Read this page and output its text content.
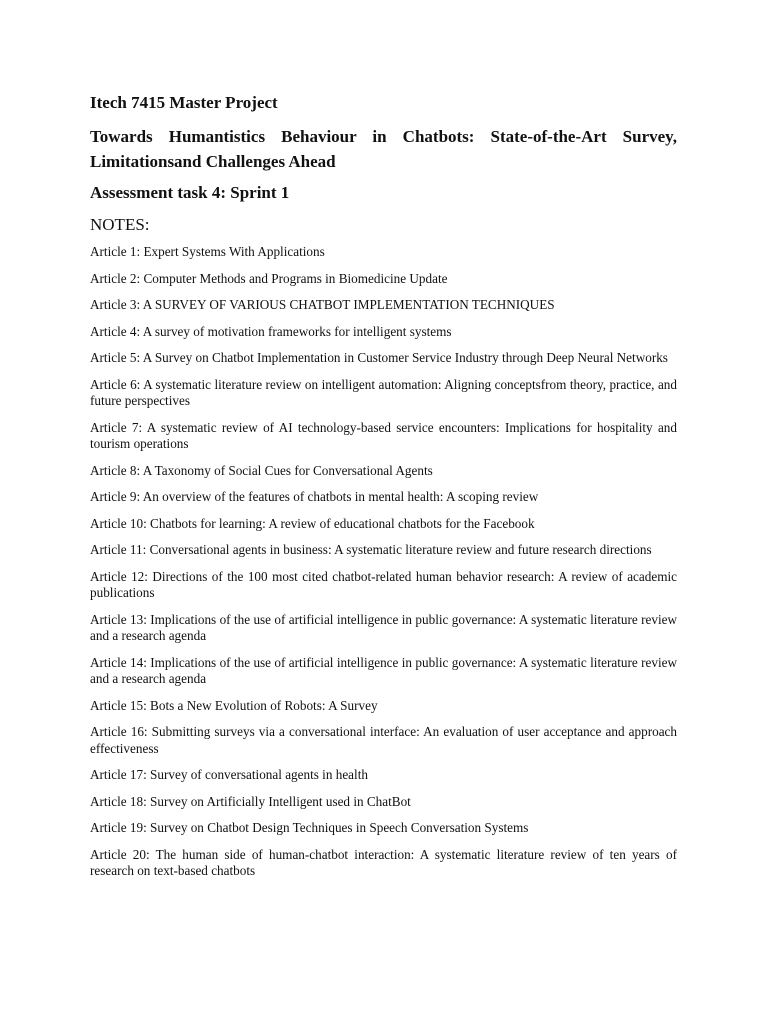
Itech 7415 Master Project
Towards Humantistics Behaviour in Chatbots: State-of-the-Art Survey, Limitationsand Challenges Ahead
Assessment task 4: Sprint 1
NOTES:
Article 1: Expert Systems With Applications
Article 2: Computer Methods and Programs in Biomedicine Update
Article 3: A SURVEY OF VARIOUS CHATBOT IMPLEMENTATION TECHNIQUES
Article 4: A survey of motivation frameworks for intelligent systems
Article 5: A Survey on Chatbot Implementation in Customer Service Industry through Deep Neural Networks
Article 6: A systematic literature review on intelligent automation: Aligning conceptsfrom theory, practice, and future perspectives
Article 7: A systematic review of AI technology-based service encounters: Implications for hospitality and tourism operations
Article 8: A Taxonomy of Social Cues for Conversational Agents
Article 9: An overview of the features of chatbots in mental health: A scoping review
Article 10: Chatbots for learning: A review of educational chatbots for the Facebook
Article 11: Conversational agents in business: A systematic literature review and future research directions
Article 12: Directions of the 100 most cited chatbot-related human behavior research: A review of academic publications
Article 13: Implications of the use of artificial intelligence in public governance: A systematic literature review and a research agenda
Article 14: Implications of the use of artificial intelligence in public governance: A systematic literature review and a research agenda
Article 15: Bots a New Evolution of Robots: A Survey
Article 16: Submitting surveys via a conversational interface: An evaluation of user acceptance and approach effectiveness
Article 17: Survey of conversational agents in health
Article 18: Survey on Artificially Intelligent used in ChatBot
Article 19: Survey on Chatbot Design Techniques in Speech Conversation Systems
Article 20: The human side of human-chatbot interaction: A systematic literature review of ten years of research on text-based chatbots
